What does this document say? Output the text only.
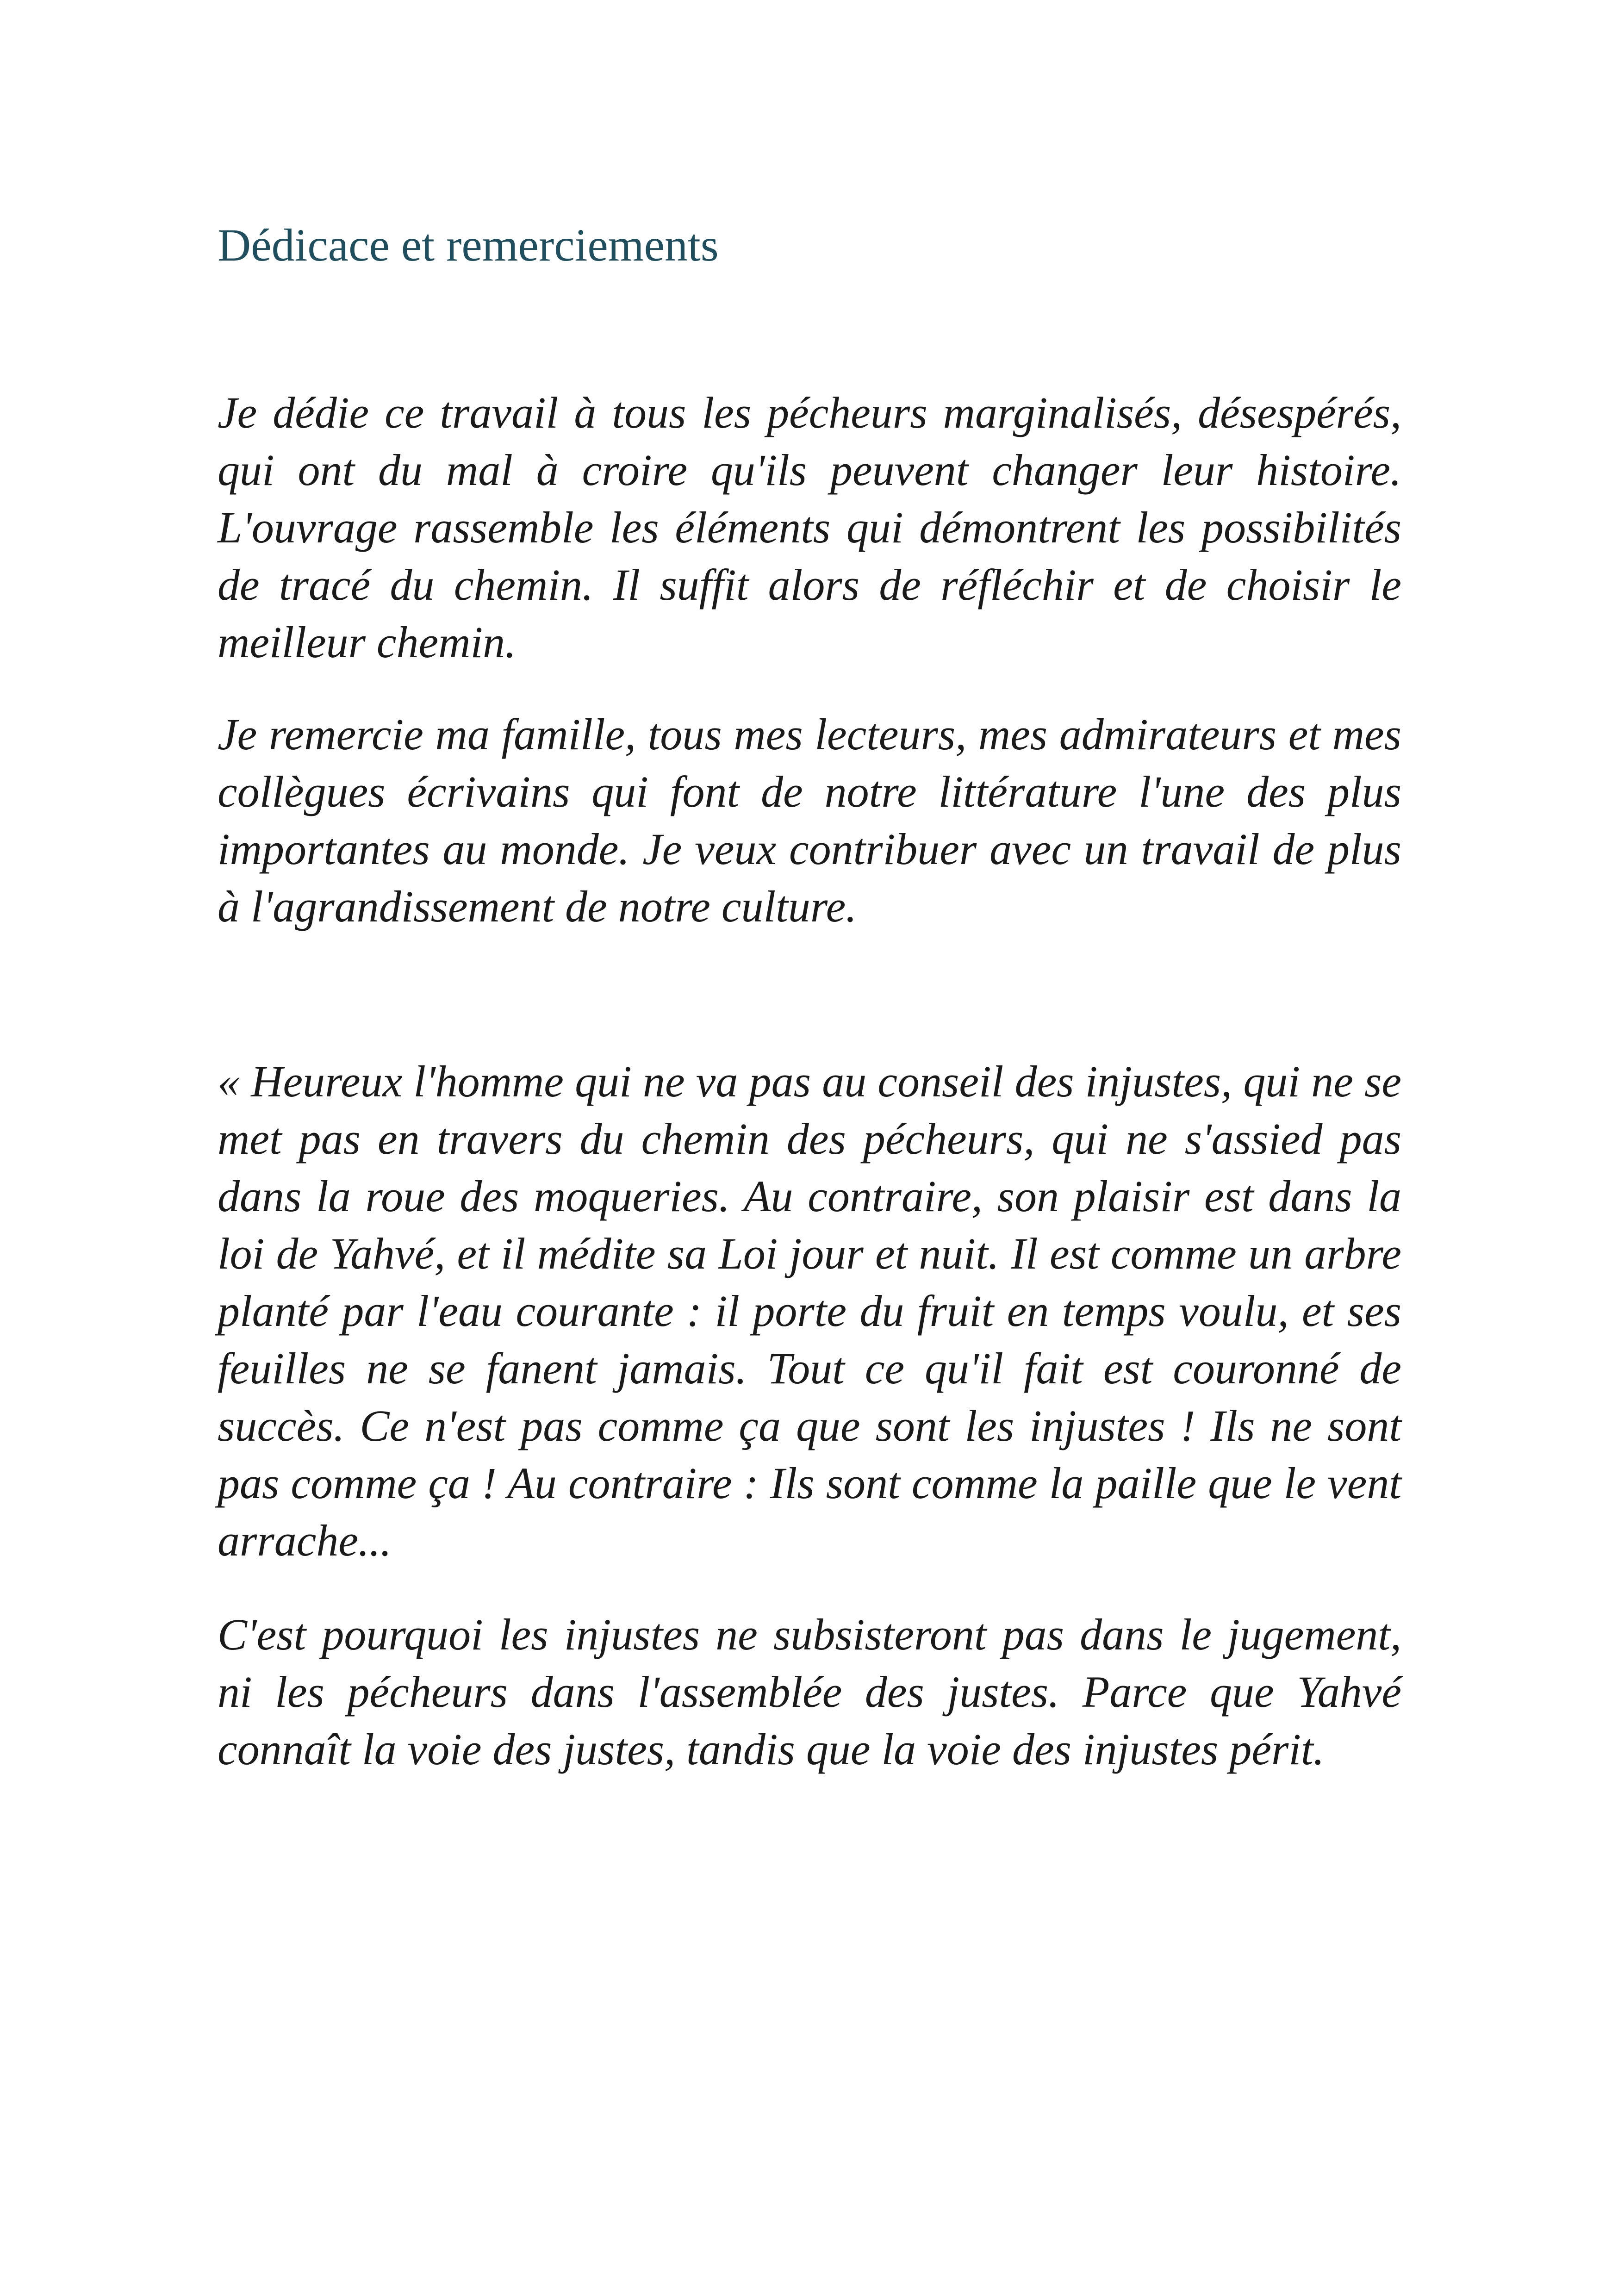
Dédicace et remerciements

Je dédie ce travail à tous les pécheurs marginalisés, désespérés, qui ont du mal à croire qu'ils peuvent changer leur histoire. L'ouvrage rassemble les éléments qui démontrent les possibilités de tracé du chemin. Il suffit alors de réfléchir et de choisir le meilleur chemin.

Je remercie ma famille, tous mes lecteurs, mes admirateurs et mes collègues écrivains qui font de notre littérature l'une des plus importantes au monde. Je veux contribuer avec un travail de plus à l'agrandissement de notre culture.

« Heureux l'homme qui ne va pas au conseil des injustes, qui ne se met pas en travers du chemin des pécheurs, qui ne s'assied pas dans la roue des moqueries. Au contraire, son plaisir est dans la loi de Yahvé, et il médite sa Loi jour et nuit. Il est comme un arbre planté par l'eau courante : il porte du fruit en temps voulu, et ses feuilles ne se fanent jamais. Tout ce qu'il fait est couronné de succès. Ce n'est pas comme ça que sont les injustes ! Ils ne sont pas comme ça ! Au contraire : Ils sont comme la paille que le vent arrache...

C'est pourquoi les injustes ne subsisteront pas dans le jugement, ni les pécheurs dans l'assemblée des justes. Parce que Yahvé connaît la voie des justes, tandis que la voie des injustes périt.
